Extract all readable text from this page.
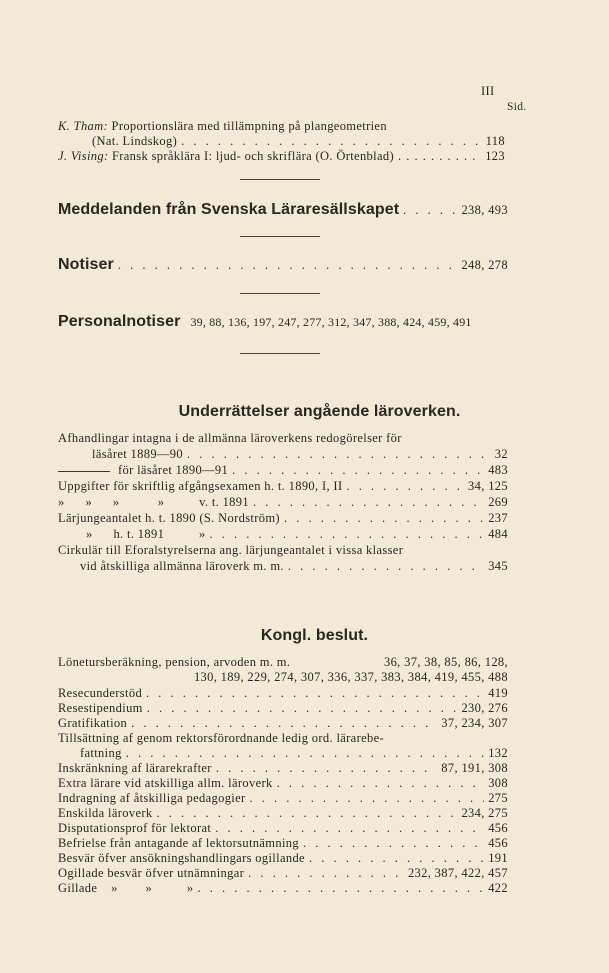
III
Sid.
K. Tham: Proportionslära med tillämpning på plangeometrien
(Nat. Lindskog) . . .	118
J. Vising: Fransk språklära I: ljud- och skriflära (O. Örtenblad) . . .	123
Meddelanden från Svenska Läraresällskapet . . .	238, 493
Notiser . . .	248, 278
Personalnotiser 39, 88, 136, 197, 247, 277, 312, 347, 388, 424, 459, 491
Underrättelser angående läroverken.
Afhandlingar intagna i de allmänna läroverkens redogörelser för
läsåret 1889—90 . . .	32
för läsåret 1890—91 . . .	483
Uppgifter för skriftlig afgångsexamen h. t. 1890, I, II . . .	34, 125
»      »      »           »          v. t. 1891 . . .	269
Lärjungeantalet h. t. 1890 (S. Nordström) . . .	237
»      h. t. 1891          » . . .	484
Cirkulär till Eforalstyrelserna ang. lärjungeantalet i vissa klasser
vid åtskilliga allmänna läroverk m. m. . . .	345
Kongl. beslut.
Lönetursberäkning, pension, arvoden m. m.	36, 37, 38, 85, 86, 128,
130, 189, 229, 274, 307, 336, 337, 383, 384, 419, 455, 488
Resecunderstöd . . .	419
Resestipendium . . .	230, 276
Gratifikation . . .	37, 234, 307
Tillsättning af genom rektorsförordnande ledig ord. lärarebe-
fattning . . .	132
Inskränkning af lärarekrafter . . .	87, 191, 308
Extra lärare vid atskilliga allm. läroverk . . .	308
Indragning af åtskilliga pedagogier . . .	275
Enskilda läroverk . . .	234, 275
Disputationsprof för lektorat . . .	456
Befrielse från antagande af lektorsutnämning . . .	456
Besvär öfver ansökningshandlingars ogillande . . .	191
Ogillade besvär öfver utnämningar . . .	232, 387, 422, 457
Gillade    »        »          » . . .	422
